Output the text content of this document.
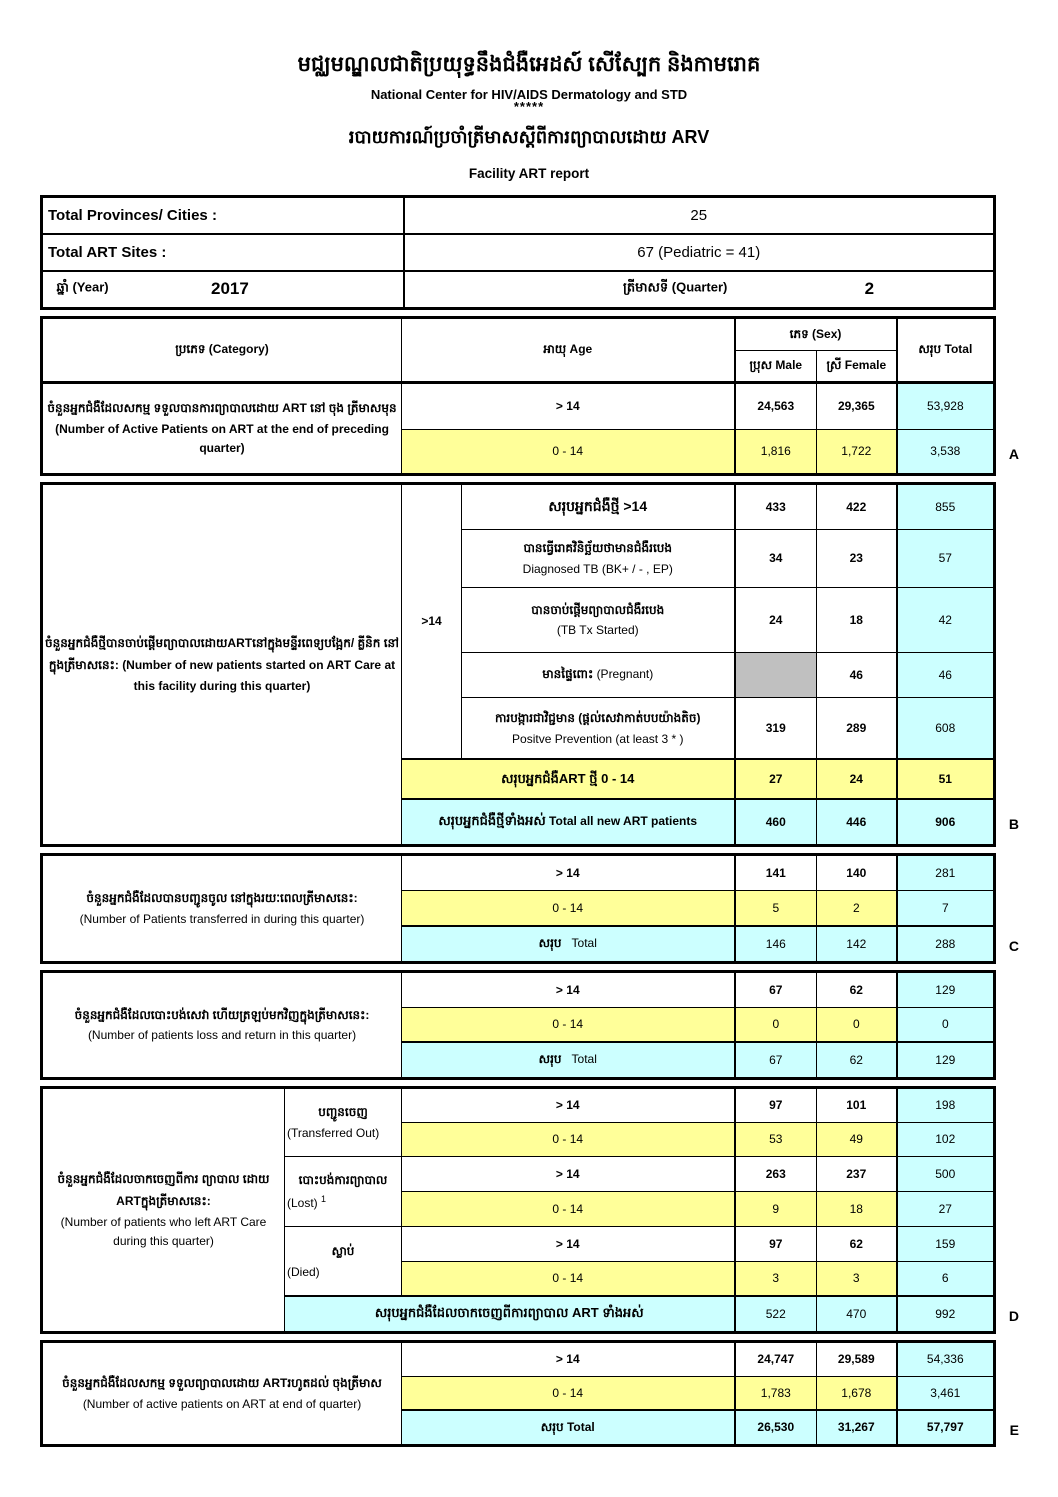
មជ្ឈមណ្ឌលជាតិប្រយុទ្ធនឹងជំងឺអេដស៍ សើស្បែក និងកាមរោគ
National Center for HIV/AIDS Dermatology and STD
*****
របាយការណ៍ប្រចាំត្រីមាសស្តីពីការព្យាបាលដោយ ARV
Facility ART report
Total Provinces/ Cities :	25
Total ART Sites :	67 (Pediatric = 41)

ឆ្នាំ (Year) 2017	ត្រីមាសទី (Quarter) 2
ប្រភេទ (Category)	អាយុ Age	ភេទ (Sex)		សរុប Total
		ប្រុស Male	ស្រី Female	
ចំនួនអ្នកជំងឺដែលសកម្ម ទទួលបានការព្យាបាលដោយ ART នៅ ចុង ត្រីមាសមុន (Number of Active Patients on ART at the end of preceding quarter)	> 14	24,563	29,365	53,928
	0 - 14	1,816	1,722	3,538	A
ចំនួនអ្នកជំងឺថ្មីបានចាប់ផ្តើមព្យាបាលដោយARTនៅក្នុងមន្ទីរពេទ្យបង្អែក/ គ្លីនិក នៅក្នុងត្រីមាសនេះ: (Number of new patients started on ART Care at this facility during this quarter)	>14	សរុបអ្នកជំងឺថ្មី >14	433	422	855

		បានធ្វើរោគវិនិច្ឆ័យថាមានជំងឺរបេង
Diagnosed TB (BK+ / - , EP)	34	23	57

		បានចាប់ផ្តើមព្យាបាលជំងឺរបេង
(TB Tx Started)	24	18	42
		មានផ្ទៃពោះ (Pregnant)		46	46

		ការបង្ការជាវិជ្ជមាន (ផ្តល់សេវាកាត់បបយ៉ាងតិច)
Positve Prevention (at least 3 * )	319	289	608
	សរុបអ្នកជំងឺART ថ្មី 0 - 14		27	24	51
	សរុបអ្នកជំងឺថ្មីទាំងអស់ Total all new ART patients		460	446	906	B
ចំនួនអ្នកជំងឺដែលបានបញ្ជូនចូល នៅក្នុងរយៈពេលត្រីមាសនេះ:
(Number of Patients transferred in during this quarter)	> 14	141	140	281
	0 - 14	5	2	7
	សរុប Total	146	142	288	C
ចំនួនអ្នកជំងឺដែលបោះបង់សេវា ហើយត្រឡប់មកវិញក្នុងត្រីមាសនេះ:
(Number of patients loss and return in this quarter)	> 14	67	62	129
	0 - 14	0	0	0
	សរុប Total	67	62	129
ចំនួនអ្នកជំងឺដែលចាកចេញពីការ ព្យាបាល ដោយ ARTក្នុងត្រីមាសនេះ:
(Number of patients who left ART Care during this quarter)	
បញ្ជូនចេញ
(Transferred Out)
	> 14	97	101	198
		0 - 14	53	49	102

	បោះបង់ការព្យាបាល
(Lost) $^1$	> 14	263	237	500
		0 - 14	9	18	27

	ស្លាប់
(Died)	> 14	97	62	159
		0 - 14	3	3	6
	សរុបអ្នកជំងឺដែលចាកចេញពីការព្យាបាល ART ទាំងអស់		522	470	992	D
ចំនួនអ្នកជំងឺដែលសកម្ម ទទួលព្យាបាលដោយ ARTរហូតដល់ ចុងត្រីមាស
(Number of active patients on ART at end of quarter)	> 14	24,747	29,589	54,336
	0 - 14	1,783	1,678	3,461
	សរុប Total	26,530	31,267	57,797	E
